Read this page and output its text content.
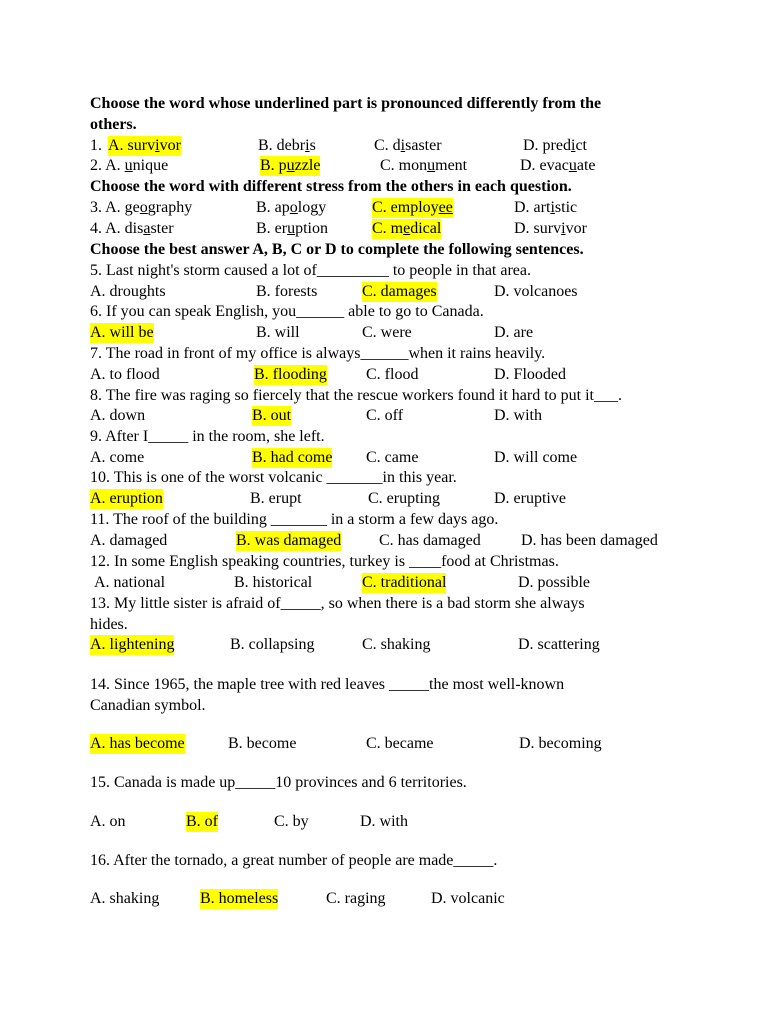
Choose the word whose underlined part is pronounced differently from the
others.
1. A. survivor	B. debris	C. disaster	D. predict
2. A. unique	B. puzzle	C. monument	D. evacuate
Choose the word with different stress from the others in each question.
3. A. geography	B. apology	C. employee	D. artistic
4. A. disaster	B. eruption	C. medical	D. survivor
Choose the best answer A, B, C or D to complete the following sentences.
5. Last night's storm caused a lot of_________ to people in that area.
A. droughts	B. forests	C. damages	D. volcanoes
6. If you can speak English, you______ able to go to Canada.
A. will be	B. will	C. were	D. are
7. The road in front of my office is always______when it rains heavily.
A. to flood	B. flooding C. flood	D. Flooded
8. The fire was raging so fiercely that the rescue workers found it hard to put it___.
A. down	B. out	C. off	D. with
9. After I_____ in the room, she left.
A. come	B. had come C. came	D. will come
10. This is one of the worst volcanic _______in this year.
A. eruption	B. erupt	C. erupting	D. eruptive
11. The roof of the building _______ in a storm a few days ago.
A. damaged	B. was damaged C. has damaged	D. has been damaged
12. In some English speaking countries, turkey is ____food at Christmas.
A. national	B. historical	C. traditional	D. possible
13. My little sister is afraid of_____, so when there is a bad storm she always
hides.
A. lightening	B. collapsing	C. shaking	D. scattering
14. Since 1965, the maple tree with red leaves _____the most well-known
Canadian symbol.
A. has become	B. become	C. became	D. becoming
15. Canada is made up_____10 provinces and 6 territories.
A. on	B. of	C. by	D. with
16. After the tornado, a great number of people are made_____.
A. shaking	B. homeless	C. raging	D. volcanic
